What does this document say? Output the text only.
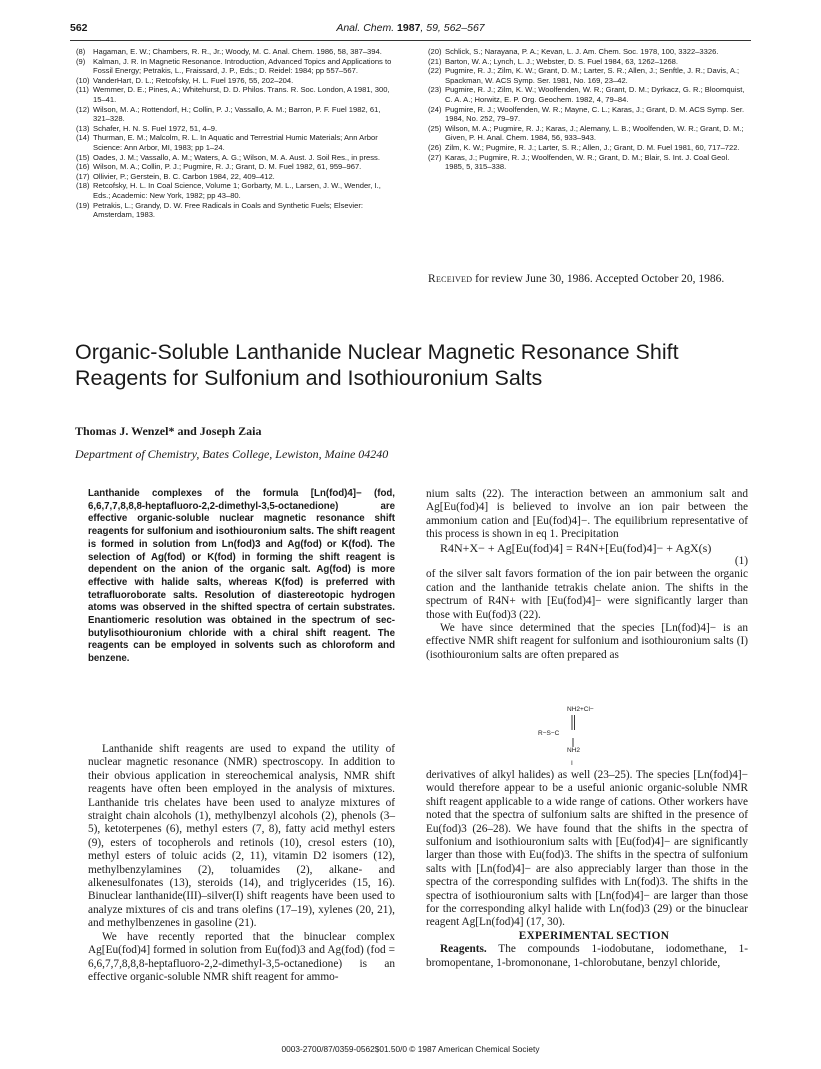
562	Anal. Chem. 1987, 59, 562–567
(8)	Hagaman, E. W.; Chambers, R. R., Jr.; Woody, M. C. Anal. Chem. 1986, 58, 387–394.
(9)	Kalman, J. R. In Magnetic Resonance. Introduction, Advanced Topics and Applications to Fossil Energy; Petrakis, L., Fraissard, J. P., Eds.; D. Reidel: 1984; pp 557–567.
(10) VanderHart, D. L.; Retcofsky, H. L. Fuel 1976, 55, 202–204.
(11) Wemmer, D. E.; Pines, A.; Whitehurst, D. D. Philos. Trans. R. Soc. London, A 1981, 300, 15–41.
(12) Wilson, M. A.; Rottendorf, H.; Collin, P. J.; Vassallo, A. M.; Barron, P. F. Fuel 1982, 61, 321–328.
(13) Schafer, H. N. S. Fuel 1972, 51, 4–9.
(14) Thurman, E. M.; Malcolm, R. L. In Aquatic and Terrestrial Humic Materials; Ann Arbor Science: Ann Arbor, MI, 1983; pp 1–24.
(15) Oades, J. M.; Vassallo, A. M.; Waters, A. G.; Wilson, M. A. Aust. J. Soil Res., in press.
(16) Wilson, M. A.; Collin, P. J.; Pugmire, R. J.; Grant, D. M. Fuel 1982, 61, 959–967.
(17) Ollivier, P.; Gerstein, B. C. Carbon 1984, 22, 409–412.
(18) Retcofsky, H. L. In Coal Science, Volume 1; Gorbarty, M. L., Larsen, J. W., Wender, I., Eds.; Academic: New York, 1982; pp 43–80.
(19) Petrakis, L.; Grandy, D. W. Free Radicals in Coals and Synthetic Fuels; Elsevier: Amsterdam, 1983.
(20) Schlick, S.; Narayana, P. A.; Kevan, L. J. Am. Chem. Soc. 1978, 100, 3322–3326.
(21) Barton, W. A.; Lynch, L. J.; Webster, D. S. Fuel 1984, 63, 1262–1268.
(22) Pugmire, R. J.; Zilm, K. W.; Grant, D. M.; Larter, S. R.; Allen, J.; Senftle, J. R.; Davis, A.; Spackman, W. ACS Symp. Ser. 1981, No. 169, 23–42.
(23) Pugmire, R. J.; Zilm, K. W.; Woolfenden, W. R.; Grant, D. M.; Dyrkacz, G. R.; Bloomquist, C. A. A.; Horwitz, E. P. Org. Geochem. 1982, 4, 79–84.
(24) Pugmire, R. J.; Woolfenden, W. R.; Mayne, C. L.; Karas, J.; Grant, D. M. ACS Symp. Ser. 1984, No. 252, 79–97.
(25) Wilson, M. A.; Pugmire, R. J.; Karas, J.; Alemany, L. B.; Woolfenden, W. R.; Grant, D. M.; Given, P. H. Anal. Chem. 1984, 56, 933–943.
(26) Zilm, K. W.; Pugmire, R. J.; Larter, S. R.; Allen, J.; Grant, D. M. Fuel 1981, 60, 717–722.
(27) Karas, J.; Pugmire, R. J.; Woolfenden, W. R.; Grant, D. M.; Blair, S. Int. J. Coal Geol. 1985, 5, 315–338.
Received for review June 30, 1986. Accepted October 20, 1986.
Organic-Soluble Lanthanide Nuclear Magnetic Resonance Shift Reagents for Sulfonium and Isothiouronium Salts
Thomas J. Wenzel* and Joseph Zaia
Department of Chemistry, Bates College, Lewiston, Maine 04240
Lanthanide complexes of the formula [Ln(fod)4]− (fod, 6,6,7,7,8,8,8-heptafluoro-2,2-dimethyl-3,5-octanedione) are effective organic-soluble nuclear magnetic resonance shift reagents for sulfonium and isothiouronium salts. The shift reagent is formed in solution from Ln(fod)3 and Ag(fod) or K(fod). The selection of Ag(fod) or K(fod) in forming the shift reagent is dependent on the anion of the organic salt. Ag(fod) is more effective with halide salts, whereas K(fod) is preferred with tetrafluoroborate salts. Resolution of diastereotopic hydrogen atoms was observed in the shifted spectra of certain substrates. Enantiomeric resolution was obtained in the spectrum of sec-butylisothiouronium chloride with a chiral shift reagent. The reagents can be employed in solvents such as chloroform and benzene.

Lanthanide shift reagents are used to expand the utility of nuclear magnetic resonance (NMR) spectroscopy. In addition to their obvious application in stereochemical analysis, NMR shift reagents have often been employed in the analysis of mixtures. Lanthanide tris chelates have been used to analyze mixtures of straight chain alcohols (1), methylbenzyl alcohols (2), phenols (3–5), ketoterpenes (6), methyl esters (7, 8), fatty acid methyl esters (9), esters of tocopherols and retinols (10), cresol esters (10), methyl esters of toluic acids (2, 11), vitamin D2 isomers (12), methylbenzylamines (2), toluamides (2), alkane- and alkenesulfonates (13), steroids (14), and triglycerides (15, 16). Binuclear lanthanide(III)–silver(I) shift reagents have been used to analyze mixtures of cis and trans olefins (17–19), xylenes (20, 21), and methylbenzenes in gasoline (21).

We have recently reported that the binuclear complex Ag[Eu(fod)4] formed in solution from Eu(fod)3 and Ag(fod) (fod = 6,6,7,7,8,8,8-heptafluoro-2,2-dimethyl-3,5-octanedione) is an effective organic-soluble NMR shift reagent for ammo-

nium salts (22). The interaction between an ammonium salt and Ag[Eu(fod)4] is believed to involve an ion pair between the ammonium cation and [Eu(fod)4]−. The equilibrium representative of this process is shown in eq 1. Precipitation

R4N+X− + Ag[Eu(fod)4] = R4N+[Eu(fod)4]− + AgX(s)

(1)

of the silver salt favors formation of the ion pair between the organic cation and the lanthanide tetrakis chelate anion. The shifts in the spectrum of R4N+ with [Eu(fod)4]− were significantly larger than those with Eu(fod)3 (22).

We have since determined that the species [Ln(fod)4]− is an effective NMR shift reagent for sulfonium and isothiouronium salts (I) (isothiouronium salts are often prepared as

NH2+Cl−
R−S−C
NH2
I

derivatives of alkyl halides) as well (23–25). The species [Ln(fod)4]− would therefore appear to be a useful anionic organic-soluble NMR shift reagent applicable to a wide range of cations. Other workers have noted that the spectra of sulfonium salts are shifted in the presence of Eu(fod)3 (26–28). We have found that the shifts in the spectra of sulfonium and isothiouronium salts with [Eu(fod)4]− are significantly larger than those with Eu(fod)3. The shifts in the spectra of sulfonium salts with [Ln(fod)4]− are also appreciably larger than those in the spectra of the corresponding sulfides with Ln(fod)3. The shifts in the spectra of isothiouronium salts with [Ln(fod)4]− are larger than those for the corresponding alkyl halide with Ln(fod)3 (29) or the binuclear reagent Ag[Ln(fod)4] (17, 30).

EXPERIMENTAL SECTION

Reagents. The compounds 1-iodobutane, iodomethane, 1-bromopentane, 1-bromononane, 1-chlorobutane, benzyl chloride,

0003-2700/87/0359-0562$01.50/0 © 1987 American Chemical Society
